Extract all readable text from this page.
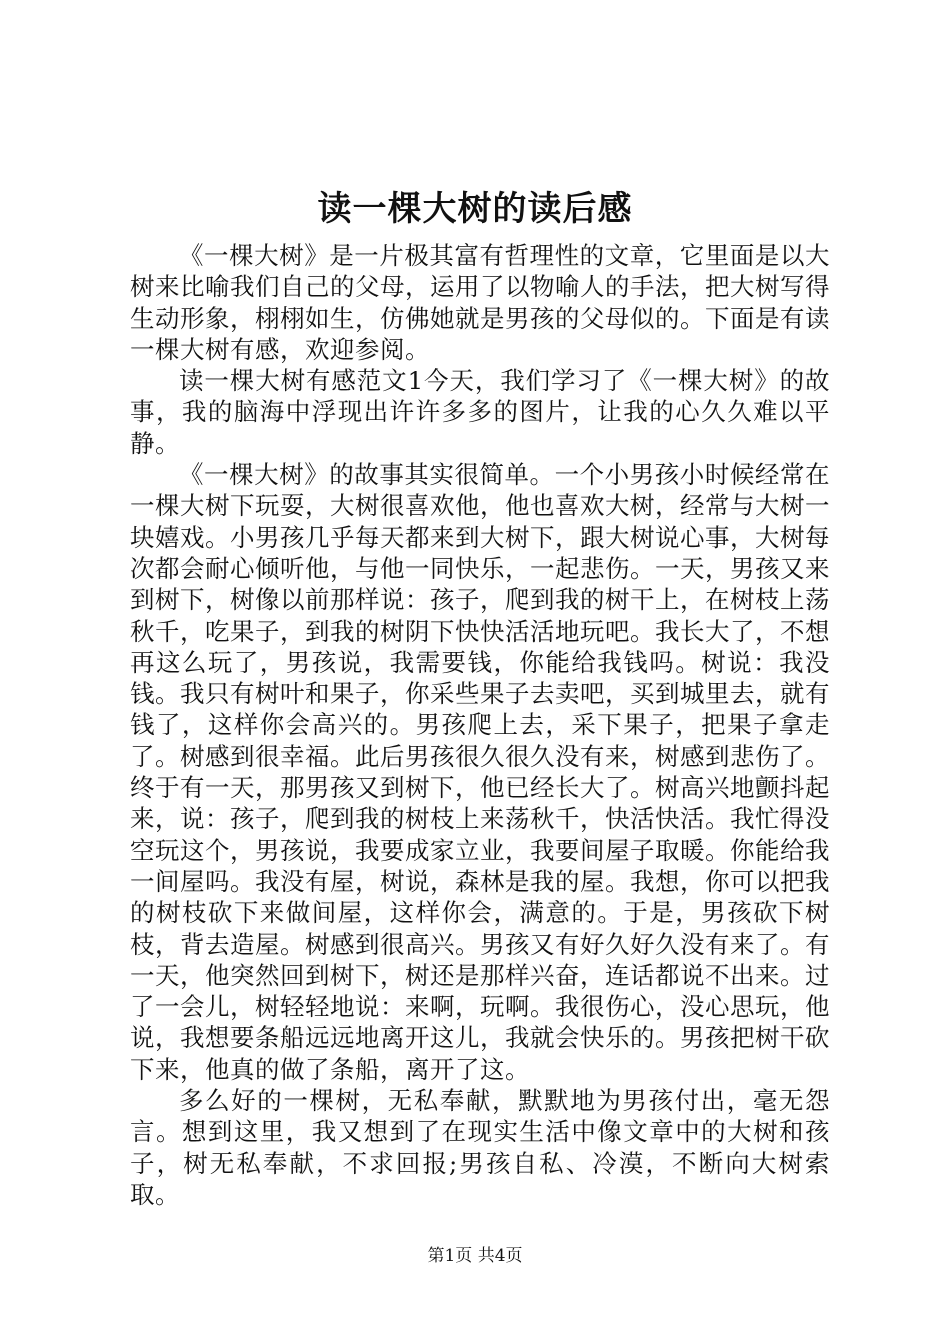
读一棵大树的读后感

《一棵大树》是一片极其富有哲理性的文章，它里面是以大树来比喻我们自己的父母，运用了以物喻人的手法，把大树写得生动形象，栩栩如生，仿佛她就是男孩的父母似的。下面是有读一棵大树有感，欢迎参阅。

读一棵大树有感范文1今天，我们学习了《一棵大树》的故事，我的脑海中浮现出许许多多的图片，让我的心久久难以平静。

《一棵大树》的故事其实很简单。一个小男孩小时候经常在一棵大树下玩耍，大树很喜欢他，他也喜欢大树，经常与大树一块嬉戏。小男孩几乎每天都来到大树下，跟大树说心事，大树每次都会耐心倾听他，与他一同快乐，一起悲伤。一天，男孩又来到树下，树像以前那样说：孩子，爬到我的树干上，在树枝上荡秋千，吃果子，到我的树阴下快快活活地玩吧。我长大了，不想再这么玩了，男孩说，我需要钱，你能给我钱吗。树说：我没钱。我只有树叶和果子，你采些果子去卖吧，买到城里去，就有钱了，这样你会高兴的。男孩爬上去，采下果子，把果子拿走了。树感到很幸福。此后男孩很久很久没有来，树感到悲伤了。终于有一天，那男孩又到树下，他已经长大了。树高兴地颤抖起来，说：孩子，爬到我的树枝上来荡秋千，快活快活。我忙得没空玩这个，男孩说，我要成家立业，我要间屋子取暖。你能给我一间屋吗。我没有屋，树说，森林是我的屋。我想，你可以把我的树枝砍下来做间屋，这样你会，满意的。于是，男孩砍下树枝，背去造屋。树感到很高兴。男孩又有好久好久没有来了。有一天，他突然回到树下，树还是那样兴奋，连话都说不出来。过了一会儿，树轻轻地说：来啊，玩啊。我很伤心，没心思玩，他说，我想要条船远远地离开这儿，我就会快乐的。男孩把树干砍下来，他真的做了条船，离开了这。

多么好的一棵树，无私奉献，默默地为男孩付出，毫无怨言。想到这里，我又想到了在现实生活中像文章中的大树和孩子，树无私奉献，不求回报;男孩自私、冷漠，不断向大树索取。

第1页 共4页
